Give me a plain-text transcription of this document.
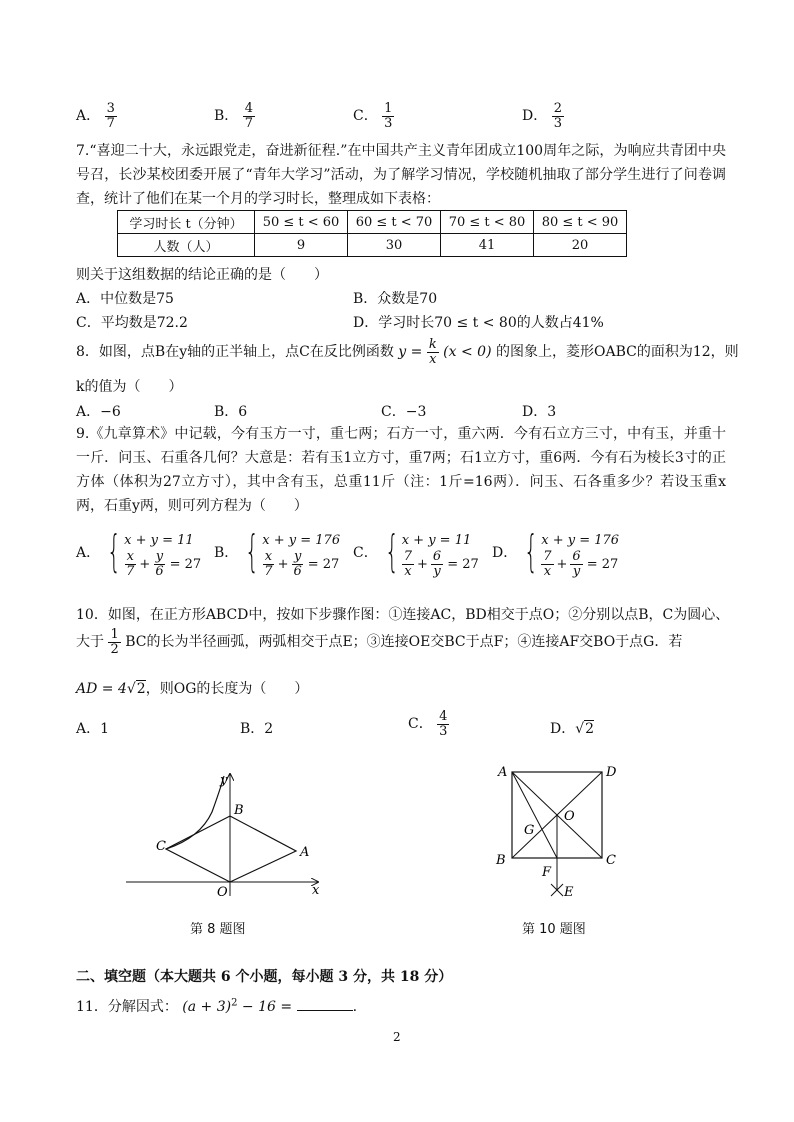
A． $\frac{3}{7}$	B． $\frac{4}{7}$	C． $\frac{1}{3}$	D． $\frac{2}{3}$
7.“喜迎二十大，永远跟党走，奋进新征程.”在中国共产主义青年团成立100周年之际，为响应共青团中央号召，长沙某校团委开展了“青年大学习”活动，为了解学习情况，学校随机抽取了部分学生进行了问卷调查，统计了他们在某一个月的学习时长，整理成如下表格：
学习时长 t（分钟）	50 ≤ t < 60	60 ≤ t < 70	70 ≤ t < 80	80 ≤ t < 90
人数（人）	9	30	41	20
则关于这组数据的结论正确的是（　　）
A．中位数是75	B．众数是70
C．平均数是72.2	D．学习时长70 ≤ t < 80的人数占41%
8．如图，点B在y轴的正半轴上，点C在反比例函数 $y = \frac{k}{x} (x < 0)$ 的图象上，菱形OABC的面积为12，则
k的值为（　　）
A．−6	B．6	C．−3	D．3
9.《九章算术》中记载，今有玉方一寸，重七两；石方一寸，重六两．今有石立方三寸，中有玉，并重十一斤．问玉、石重各几何？大意是：若有玉1立方寸，重7两；石1立方寸，重6两．今有石为棱长3寸的正方体（体积为27立方寸），其中含有玉，总重11斤（注：1斤=16两）．问玉、石各重多少？若设玉重x两，石重y两，则可列方程为（　　）
A． { x + y = 11
$\frac{x}{7} + \frac{y}{6} = 27$
B． { x + y = 176
$\frac{x}{7} + \frac{y}{6} = 27$
C． { x + y = 11
$\frac{7}{x} + \frac{6}{y} = 27$
D． { x + y = 176
$\frac{7}{x} + \frac{6}{y} = 27$
10．如图，在正方形ABCD中，按如下步骤作图：①连接AC，BD相交于点O；②分别以点B，C为圆心、
大于 $\frac{1}{2}$ BC的长为半径画弧，两弧相交于点E；③连接OE交BC于点F；④连接AF交BO于点G．若
AD = 4√2，则OG的长度为（　　）
A．1	B．2	C． $\frac{4}{3}$	D．√2
y
x
B
C	A
O
第 8 题图
A	D
O
G
B	C
F
E
第 10 题图
二、填空题（本大题共 6 个小题，每小题 3 分，共 18 分）
11．分解因式： $(a + 3)^2 - 16$ =	.
2
